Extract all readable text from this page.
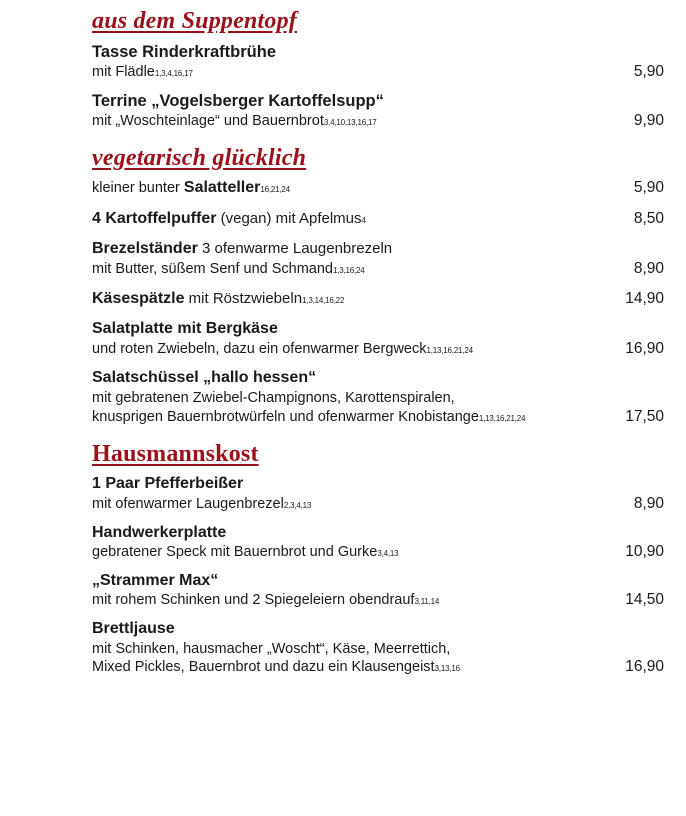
aus dem Suppentopf
Tasse Rinderkraftbrühe
mit Flädle1,3,4,16,17	5,90
Terrine „Vogelsberger Kartoffelsupp“
mit „Woschteinlage“ und Bauernbrot3,4,10,13,16,17	9,90
vegetarisch glücklich
kleiner bunter Salatteller16,21,24	5,90
4 Kartoffelpuffer (vegan) mit Apfelmus4	8,50
Brezelständer 3 ofenwarme Laugenbrezeln
mit Butter, süßem Senf und Schmand1,3,16,24	8,90
Käsespätzle mit Röstzwiebeln1,3,14,16,22	14,90
Salatplatte mit Bergkäse
und roten Zwiebeln, dazu ein ofenwarmer Bergweck1,13,16,21,24	16,90
Salatschüssel „hallo hessen“
mit gebratenen Zwiebel-Champignons, Karottenspiralen,
knusprigen Bauernbrotwürfeln und ofenwarmer Knobistange1,13,16,21,24	17,50
Hausmannskost
1 Paar Pfefferbeißer
mit ofenwarmer Laugenbrezel2,3,4,13	8,90
Handwerkerplatte
gebratener Speck mit Bauernbrot und Gurke3,4,13	10,90
„Strammer Max“
mit rohem Schinken und 2 Spiegeleiern obendrauf3,11,14	14,50
Brettljause
mit Schinken, hausmacher „Woscht“, Käse, Meerrettich,
Mixed Pickles, Bauernbrot und dazu ein Klausengeist3,13,16	16,90
